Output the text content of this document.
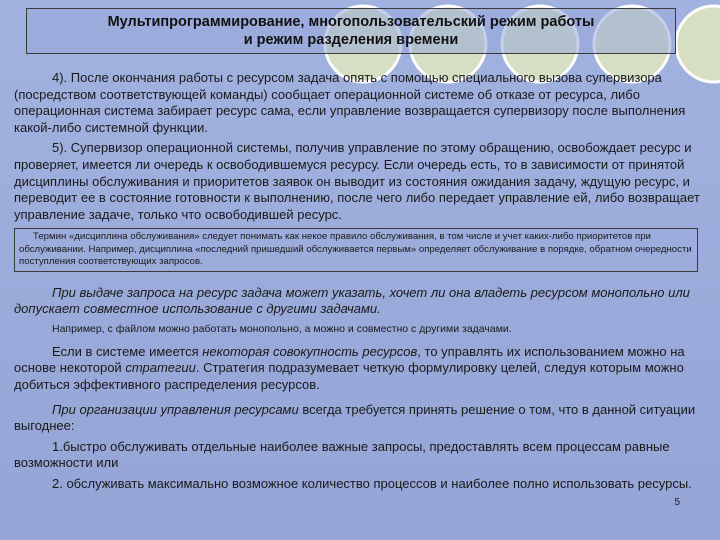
Мультипрограммирование, многопользовательский режим работы
и режим разделения времени

4). После окончания работы с ресурсом задача опять с помощью специального вызова супервизора (посредством соответствующей команды) сообщает операционной системе об отказе от ресурса, либо операционная система забирает ресурс сама, если управление возвращается супервизору после выполнения какой-либо системной функции.

5). Супервизор операционной системы, получив управление по этому обращению, освобождает ресурс и проверяет, имеется ли очередь к освободившемуся ресурсу. Если очередь есть, то в зависимости от принятой дисциплины обслуживания и приоритетов заявок он выводит из состояния ожидания задачу, ждущую ресурс, и переводит ее в состояние готовности к выполнению, после чего либо передает управление ей, либо возвращает управление задаче, только что освободившей ресурс.

Термин «дисциплина обслуживания» следует понимать как некое правило обслуживания, в том числе и учет каких-либо приоритетов при обслуживании. Например, дисциплина «последний пришедший обслуживается первым» определяет обслуживание в порядке, обратном очередности поступления соответствующих запросов.

При выдаче запроса на ресурс задача может указать, хочет ли она владеть ресурсом монопольно или допускает совместное использование с другими задачами.

Например, с файлом можно работать монопольно, а можно и совместно с другими задачами.

Если в системе имеется некоторая совокупность ресурсов, то управлять их использованием можно на основе некоторой стратегии. Стратегия подразумевает четкую формулировку целей, следуя которым можно добиться эффективного распределения ресурсов.

При организации управления ресурсами всегда требуется принять решение о том, что в данной ситуации выгоднее:

1.быстро обслуживать отдельные наиболее важные запросы, предоставлять всем процессам равные возможности или

2. обслуживать максимально возможное количество процессов и наиболее полно использовать ресурсы.

5
